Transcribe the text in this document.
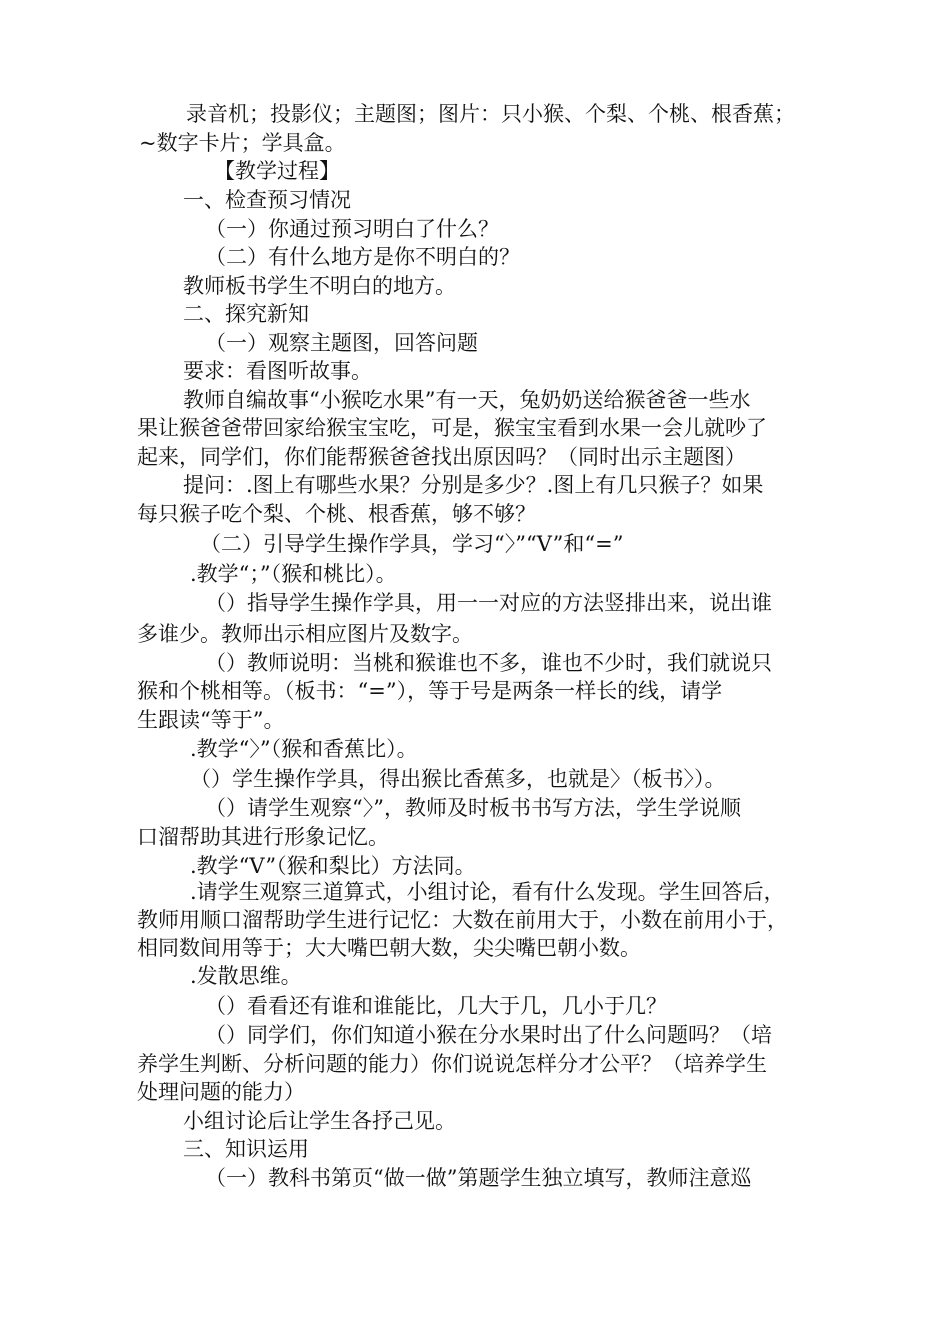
录音机；投影仪；主题图；图片：只小猴、个梨、个桃、根香蕉；

~数字卡片；学具盒。

【教学过程】

一、检查预习情况

（一）你通过预习明白了什么？

（二）有什么地方是你不明白的？

教师板书学生不明白的地方。

二、探究新知

（一）观察主题图，回答问题

要求：看图听故事。

教师自编故事“小猴吃水果”有一天，兔奶奶送给猴爸爸一些水

果让猴爸爸带回家给猴宝宝吃，可是，猴宝宝看到水果一会儿就吵了

起来，同学们，你们能帮猴爸爸找出原因吗？（同时出示主题图）

提问：.图上有哪些水果？分别是多少？.图上有几只猴子？如果

每只猴子吃个梨、个桃、根香蕉，够不够？

（二）引导学生操作学具，学习“〉”“V”和“=”

.教学“；”（猴和桃比）。

（）指导学生操作学具，用一一对应的方法竖排出来，说出谁

多谁少。教师出示相应图片及数字。

（）教师说明：当桃和猴谁也不多，谁也不少时，我们就说只

猴和个桃相等。（板书：“=”），等于号是两条一样长的线，请学

生跟读“等于”。

.教学“〉”（猴和香蕉比）。

（）学生操作学具，得出猴比香蕉多，也就是〉（板书〉）。

（）请学生观察“〉”，教师及时板书书写方法，学生学说顺

口溜帮助其进行形象记忆。

.教学“V”（猴和梨比）方法同。

.请学生观察三道算式，小组讨论，看有什么发现。学生回答后，

教师用顺口溜帮助学生进行记忆：大数在前用大于，小数在前用小于，

相同数间用等于；大大嘴巴朝大数，尖尖嘴巴朝小数。

.发散思维。

（）看看还有谁和谁能比，几大于几，几小于几？

（）同学们，你们知道小猴在分水果时出了什么问题吗？（培

养学生判断、分析问题的能力）你们说说怎样分才公平？（培养学生

处理问题的能力）

小组讨论后让学生各抒己见。

三、知识运用

（一）教科书第页“做一做”第题学生独立填写，教师注意巡
